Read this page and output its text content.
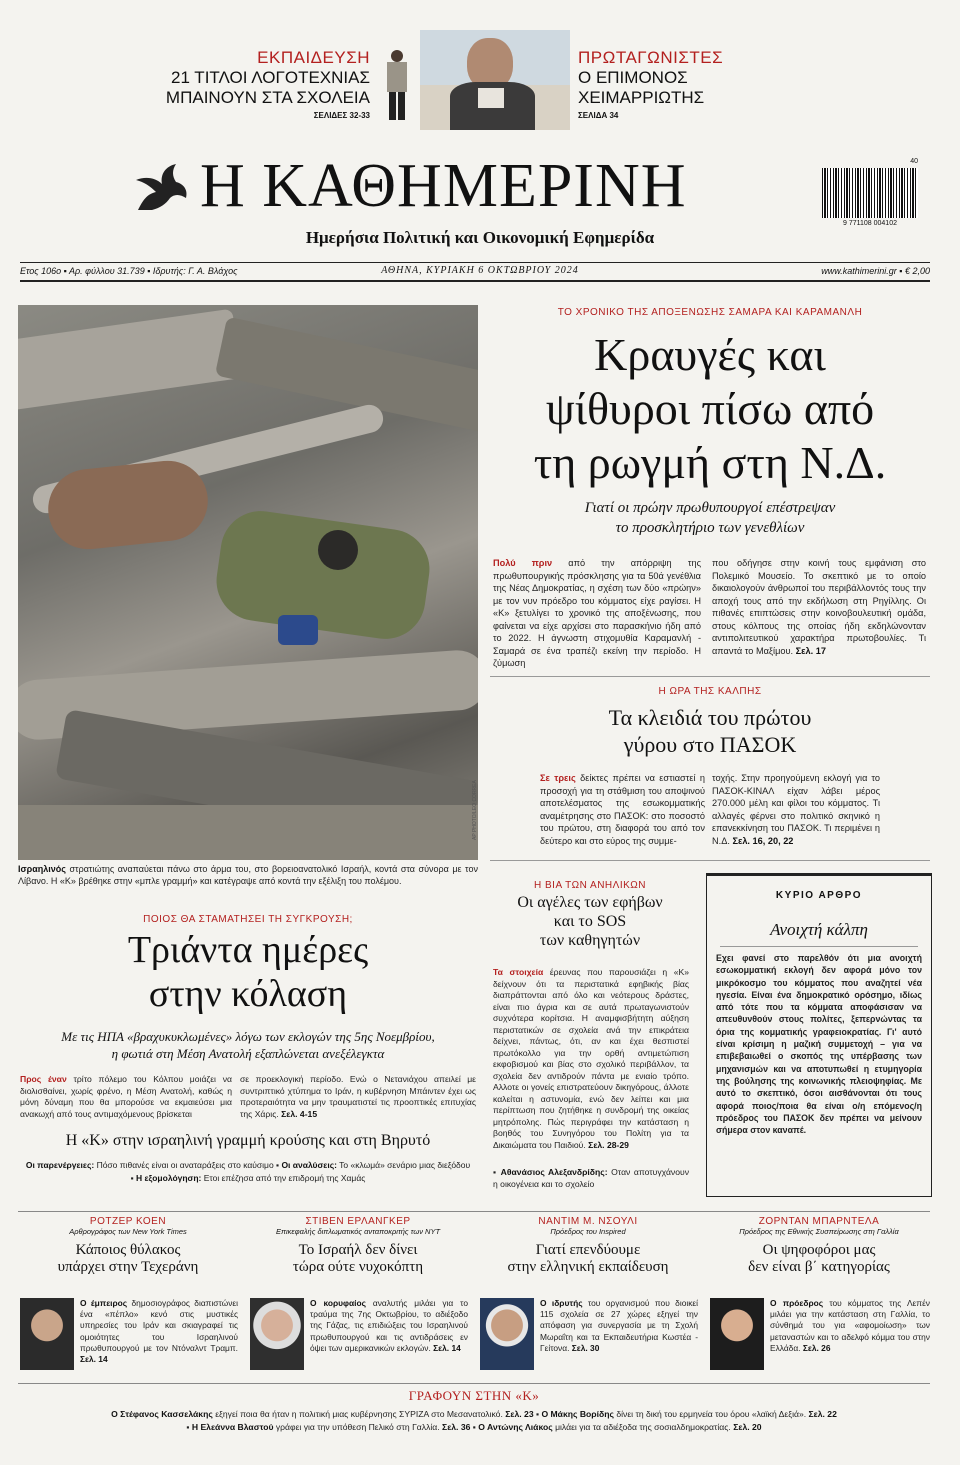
ΕΚΠΑΙΔΕΥΣΗ
21 ΤΙΤΛΟΙ ΛΟΓΟΤΕΧΝΙΑΣ
ΜΠΑΙΝΟΥΝ ΣΤΑ ΣΧΟΛΕΙΑ
ΣΕΛΙΔΕΣ 32-33
ΠΡΩΤΑΓΩΝΙΣΤΕΣ
Ο ΕΠΙΜΟΝΟΣ
ΧΕΙΜΑΡΡΙΩΤΗΣ
ΣΕΛΙΔΑ 34
Η ΚΑΘΗΜΕΡΙΝΗ
Ημερήσια Πολιτική και Οικονομική Εφημερίδα
40
9 771108 004102
Ετος 106ο ▪ Αρ. φύλλου 31.739 ▪ Ιδρυτής: Γ. Α. Βλάχος	ΑΘΗΝΑ, ΚΥΡΙΑΚΗ 6 ΟΚΤΩΒΡΙΟΥ 2024	www.kathimerini.gr ▪ € 2,00
AP PHOTO/LEO CORREA
Ισραηλινός στρατιώτης αναπαύεται πάνω στο άρμα του, στο βορειοανατολικό Ισραήλ, κοντά στα σύνορα με τον Λίβανο. Η «Κ» βρέθηκε στην «μπλε γραμμή» και κατέγραψε από κοντά την εξέλιξη του πολέμου.
ΤΟ ΧΡΟΝΙΚΟ ΤΗΣ ΑΠΟΞΕΝΩΣΗΣ ΣΑΜΑΡΑ ΚΑΙ ΚΑΡΑΜΑΝΛΗ
Κραυγές και
ψίθυροι πίσω από
τη ρωγμή στη Ν.Δ.
Γιατί οι πρώην πρωθυπουργοί επέστρεψαν
το προσκλητήριο των γενεθλίων
Πολύ πριν από την απόρριψη της πρωθυπουργικής πρόσκλησης για τα 50ά γενέθλια της Νέας Δημοκρατίας, η σχέση των δύο «πρώην» με τον νυν πρόεδρο του κόμματος είχε ραγίσει. Η «Κ» ξετυλίγει το χρονικό της αποξένωσης, που φαίνεται να είχε αρχίσει στο παρασκήνιο ήδη από το 2022. Η άγνωστη στιχομυθία Καραμανλή - Σαμαρά σε ένα τραπέζι εκείνη την περίοδο. Η ζύμωση
που οδήγησε στην κοινή τους εμφάνιση στο Πολεμικό Μουσείο. Το σκεπτικό με το οποίο δικαιολογούν άνθρωποί του περιβάλλοντός τους την αποχή τους από την εκδήλωση στη Ρηγίλλης. Οι πιθανές επιπτώσεις στην κοινοβουλευτική ομάδα, στους κόλπους της οποίας ήδη εκδηλώνονταν αντιπολιτευτικού χαρακτήρα πρωτοβουλίες. Τι απαντά το Μαξίμου. Σελ. 17
Η ΩΡΑ ΤΗΣ ΚΑΛΠΗΣ
Τα κλειδιά του πρώτου
γύρου στο ΠΑΣΟΚ
Σε τρεις δείκτες πρέπει να εστιαστεί η προσοχή για τη στάθμιση του αποψινού αποτελέσματος της εσωκομματικής αναμέτρησης στο ΠΑΣΟΚ: στο ποσοστό του πρώτου, στη διαφορά του από τον δεύτερο και στο εύρος της συμμε-
τοχής. Στην προηγούμενη εκλογή για το ΠΑΣΟΚ-ΚΙΝΑΛ είχαν λάβει μέρος 270.000 μέλη και φίλοι του κόμματος. Τι αλλαγές φέρνει στο πολιτικό σκηνικό η επανεκκίνηση του ΠΑΣΟΚ. Τι περιμένει η Ν.Δ. Σελ. 16, 20, 22
ΠΟΙΟΣ ΘΑ ΣΤΑΜΑΤΗΣΕΙ ΤΗ ΣΥΓΚΡΟΥΣΗ;
Τριάντα ημέρες
στην κόλαση
Με τις ΗΠΑ «βραχυκυκλωμένες» λόγω των εκλογών της 5ης Νοεμβρίου,
η φωτιά στη Μέση Ανατολή εξαπλώνεται ανεξέλεγκτα
Προς έναν τρίτο πόλεμο του Κόλπου μοιάζει να διολισθαίνει, χωρίς φρένο, η Μέση Ανατολή, καθώς η μόνη δύναμη που θα μπορούσε να εκμαιεύσει μια ανακωχή από τους αντιμαχόμενους βρίσκεται
σε προεκλογική περίοδο. Ενώ ο Νετανιάχου απειλεί με συντριπτικό χτύπημα το Ιράν, η κυβέρνηση Μπάιντεν έχει ως προτεραιότητα να μην τραυματιστεί τις προοπτικές επιτυχίας της Χάρις. Σελ. 4-15
Η «Κ» στην ισραηλινή γραμμή κρούσης και στη Βηρυτό
Οι παρενέργειες: Πόσο πιθανές είναι οι αναταράξεις στο καύσιμο ▪ Οι αναλύσεις: Το «κλωμά» σενάριο μιας διεξόδου
▪ Η εξομολόγηση: Ετοι επέζησα από την επιδρομή της Χαμάς
Η ΒΙΑ ΤΩΝ ΑΝΗΛΙΚΩΝ
Οι αγέλες των εφήβων
και το SOS
των καθηγητών
Τα στοιχεία έρευνας που παρουσιάζει η «Κ» δείχνουν ότι τα περιστατικά εφηβικής βίας διαπράττονται από όλο και νεότερους δράστες, είναι πιο άγρια και σε αυτά πρωταγωνιστούν συχνότερα κορίτσια. Η αναμφισβήτητη αύξηση περιστατικών σε σχολεία ανά την επικράτεια δείχνει, πάντως, ότι, αν και έχει θεσπιστεί πρωτόκολλο για την ορθή αντιμετώπιση εκφοβισμού και βίας στο σχολικό περιβάλλον, τα σχολεία δεν αντιδρούν πάντα με ενιαίο τρόπο. Αλλοτε οι γονείς επιστρατεύουν δικηγόρους, άλλοτε καλείται η αστυνομία, ενώ δεν λείπει και μια περίπτωση που ζητήθηκε η συνδρομή της οικείας μητρόπολης. Πώς περιγράφει την κατάσταση η βοηθός του Συνηγόρου του Πολίτη για τα Δικαιώματα του Παιδιού. Σελ. 28-29
▪ Αθανάσιος Αλεξανδρίδης: Οταν αποτυγχάνουν η οικογένεια και το σχολείο
ΚΥΡΙΟ ΑΡΘΡΟ
Ανοιχτή κάλπη
Εχει φανεί στο παρελθόν ότι μια ανοιχτή εσωκομματική εκλογή δεν αφορά μόνο τον μικρόκοσμο του κόμματος που αναζητεί νέα ηγεσία. Είναι ένα δημοκρατικό ορόσημο, ιδίως από τότε που τα κόμματα αποφάσισαν να απευθυνθούν στους πολίτες, ξεπερνώντας τα όρια της κομματικής γραφειοκρατίας. Γι' αυτό είναι κρίσιμη η μαζική συμμετοχή – για να επιβεβαιωθεί ο σκοπός της υπέρβασης των μηχανισμών και να αποτυπωθεί η ετυμηγορία της βούλησης της κοινωνικής πλειοψηφίας. Με αυτό το σκεπτικό, όσοι αισθάνονται ότι τους αφορά ποιος/ποια θα είναι ο/η επόμενος/η πρόεδρος του ΠΑΣΟΚ δεν πρέπει να μείνουν σήμερα στον καναπέ.
ΡΟΤΖΕΡ ΚΟΕΝ
Αρθρογράφος των New York Times
Κάποιος θύλακος
υπάρχει στην Τεχεράνη
Ο έμπειρος δημοσιογράφος διαπιστώνει ένα «πέπλο» κενό στις μυστικές υπηρεσίες του Ιράν και σκιαγραφεί τις ομοιότητες του Ισραηλινού πρωθυπουργού με τον Ντόναλντ Τραμπ. Σελ. 14
ΣΤΙΒΕΝ ΕΡΛΑΝΓΚΕΡ
Επικεφαλής διπλωματικός ανταποκριτής των NYT
Το Ισραήλ δεν δίνει
τώρα ούτε νυχοκόπτη
Ο κορυφαίος αναλυτής μιλάει για το τραύμα της 7ης Οκτωβρίου, το αδιέξοδο της Γάζας, τις επιδιώξεις του Ισραηλινού πρωθυπουργού και τις αντιδράσεις εν όψει των αμερικανικών εκλογών. Σελ. 14
ΝΑΝΤΙΜ Μ. ΝΣΟΥΛΙ
Πρόεδρος του Inspired
Γιατί επενδύουμε
στην ελληνική εκπαίδευση
Ο ιδρυτής του οργανισμού που διοικεί 115 σχολεία σε 27 χώρες εξηγεί την απόφαση για συνεργασία με τη Σχολή Μωραΐτη και τα Εκπαιδευτήρια Κωστέα - Γείτονα. Σελ. 30
ΖΟΡΝΤΑΝ ΜΠΑΡΝΤΕΛΑ
Πρόεδρος της Εθνικής Συσπείρωσης στη Γαλλία
Οι ψηφοφόροι μας
δεν είναι β΄ κατηγορίας
Ο πρόεδρος του κόμματος της Λεπέν μιλάει για την κατάσταση στη Γαλλία, το σύνθημά του για «αφομοίωση» των μεταναστών και το αδελφό κόμμα του στην Ελλάδα. Σελ. 26
ΓΡΑΦΟΥΝ ΣΤΗΝ «Κ»
Ο Στέφανος Κασσελάκης εξηγεί ποια θα ήταν η πολιτική μιας κυβέρνησης ΣΥΡΙΖΑ στο Μεσανατολικό. Σελ. 23 ▪ Ο Μάκης Βορίδης δίνει τη δική του ερμηνεία του όρου «λαϊκή Δεξιά». Σελ. 22
▪ Η Ελεάννα Βλαστού γράφει για την υπόθεση Πελικό στη Γαλλία. Σελ. 36 ▪ Ο Αντώνης Λιάκος μιλάει για τα αδιέξοδα της σοσιαλδημοκρατίας. Σελ. 20
